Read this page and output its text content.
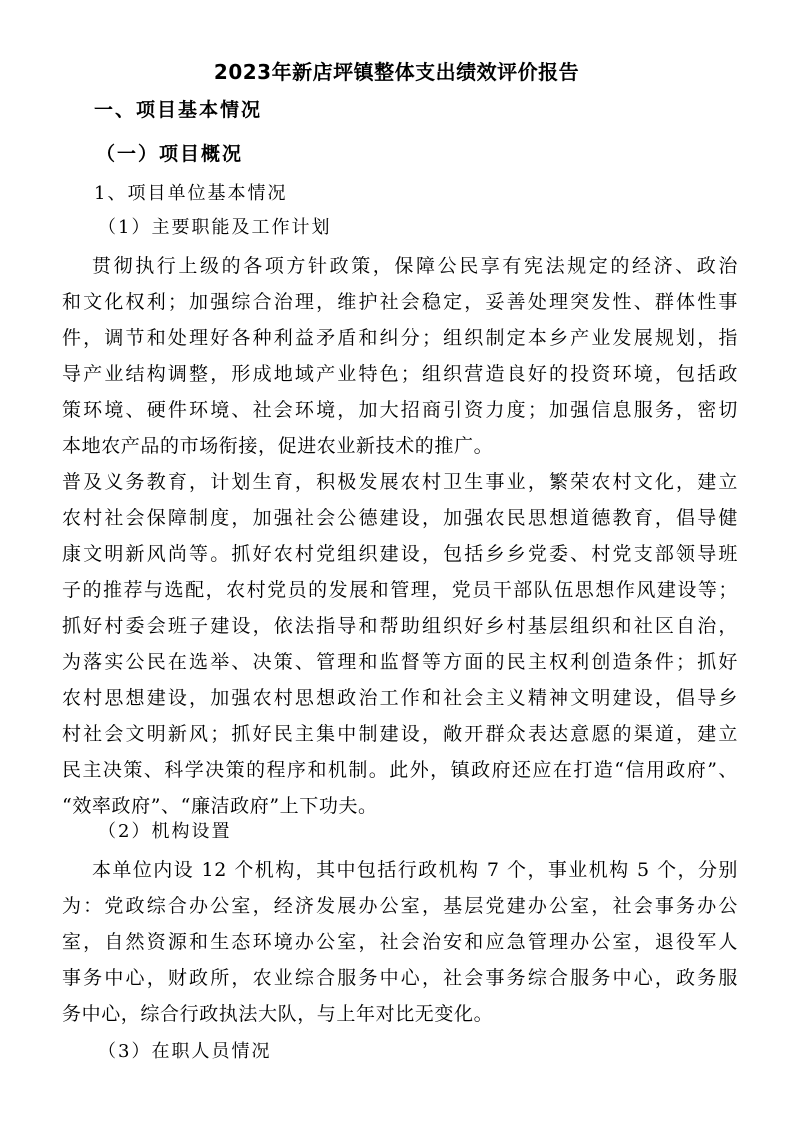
2023年新店坪镇整体支出绩效评价报告
一、项目基本情况
（一）项目概况
1、项目单位基本情况
（1）主要职能及工作计划
贯彻执行上级的各项方针政策，保障公民享有宪法规定的经济、政治
和文化权利；加强综合治理，维护社会稳定，妥善处理突发性、群体性事
件，调节和处理好各种利益矛盾和纠分；组织制定本乡产业发展规划，指
导产业结构调整，形成地域产业特色；组织营造良好的投资环境，包括政
策环境、硬件环境、社会环境，加大招商引资力度；加强信息服务，密切
本地农产品的市场衔接，促进农业新技术的推广。
普及义务教育，计划生育，积极发展农村卫生事业，繁荣农村文化，建立
农村社会保障制度，加强社会公德建设，加强农民思想道德教育，倡导健
康文明新风尚等。抓好农村党组织建设，包括乡乡党委、村党支部领导班
子的推荐与选配，农村党员的发展和管理，党员干部队伍思想作风建设等；
抓好村委会班子建设，依法指导和帮助组织好乡村基层组织和社区自治，
为落实公民在选举、决策、管理和监督等方面的民主权利创造条件；抓好
农村思想建设，加强农村思想政治工作和社会主义精神文明建设，倡导乡
村社会文明新风；抓好民主集中制建设，敞开群众表达意愿的渠道，建立
民主决策、科学决策的程序和机制。此外，镇政府还应在打造“信用政府”、
“效率政府”、“廉洁政府”上下功夫。
（2）机构设置
本单位内设 12 个机构，其中包括行政机构 7 个，事业机构 5 个，分别
为：党政综合办公室，经济发展办公室，基层党建办公室，社会事务办公
室，自然资源和生态环境办公室，社会治安和应急管理办公室，退役军人
事务中心，财政所，农业综合服务中心，社会事务综合服务中心，政务服
务中心，综合行政执法大队，与上年对比无变化。
（3）在职人员情况
